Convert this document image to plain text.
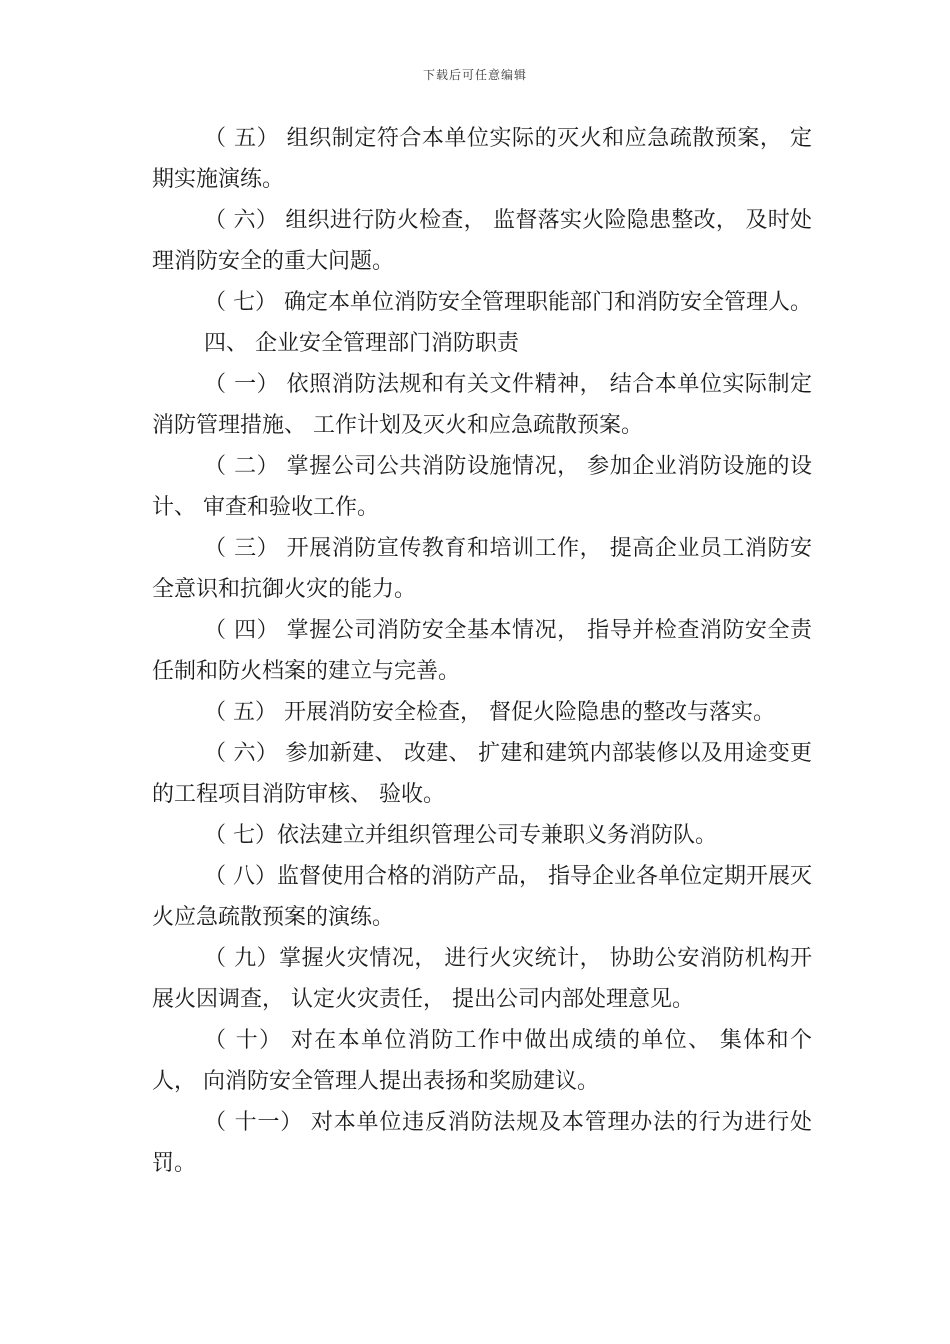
下载后可任意编辑

（ 五） 组织制定符合本单位实际的灭火和应急疏散预案， 定期实施演练。

（ 六） 组织进行防火检查， 监督落实火险隐患整改， 及时处理消防安全的重大问题。

（ 七） 确定本单位消防安全管理职能部门和消防安全管理人。

四、 企业安全管理部门消防职责

（ 一） 依照消防法规和有关文件精神， 结合本单位实际制定消防管理措施、 工作计划及灭火和应急疏散预案。

（ 二） 掌握公司公共消防设施情况， 参加企业消防设施的设计、 审查和验收工作。

（ 三） 开展消防宣传教育和培训工作， 提高企业员工消防安全意识和抗御火灾的能力。

（ 四） 掌握公司消防安全基本情况， 指导并检查消防安全责任制和防火档案的建立与完善。

（ 五） 开展消防安全检查， 督促火险隐患的整改与落实。

（ 六） 参加新建、 改建、 扩建和建筑内部装修以及用途变更的工程项目消防审核、 验收。

（ 七）依法建立并组织管理公司专兼职义务消防队。

（ 八）监督使用合格的消防产品， 指导企业各单位定期开展灭火应急疏散预案的演练。

（ 九）掌握火灾情况， 进行火灾统计， 协助公安消防机构开展火因调查， 认定火灾责任， 提出公司内部处理意见。

（ 十） 对在本单位消防工作中做出成绩的单位、 集体和个人， 向消防安全管理人提出表扬和奖励建议。

（ 十一） 对本单位违反消防法规及本管理办法的行为进行处罚。
